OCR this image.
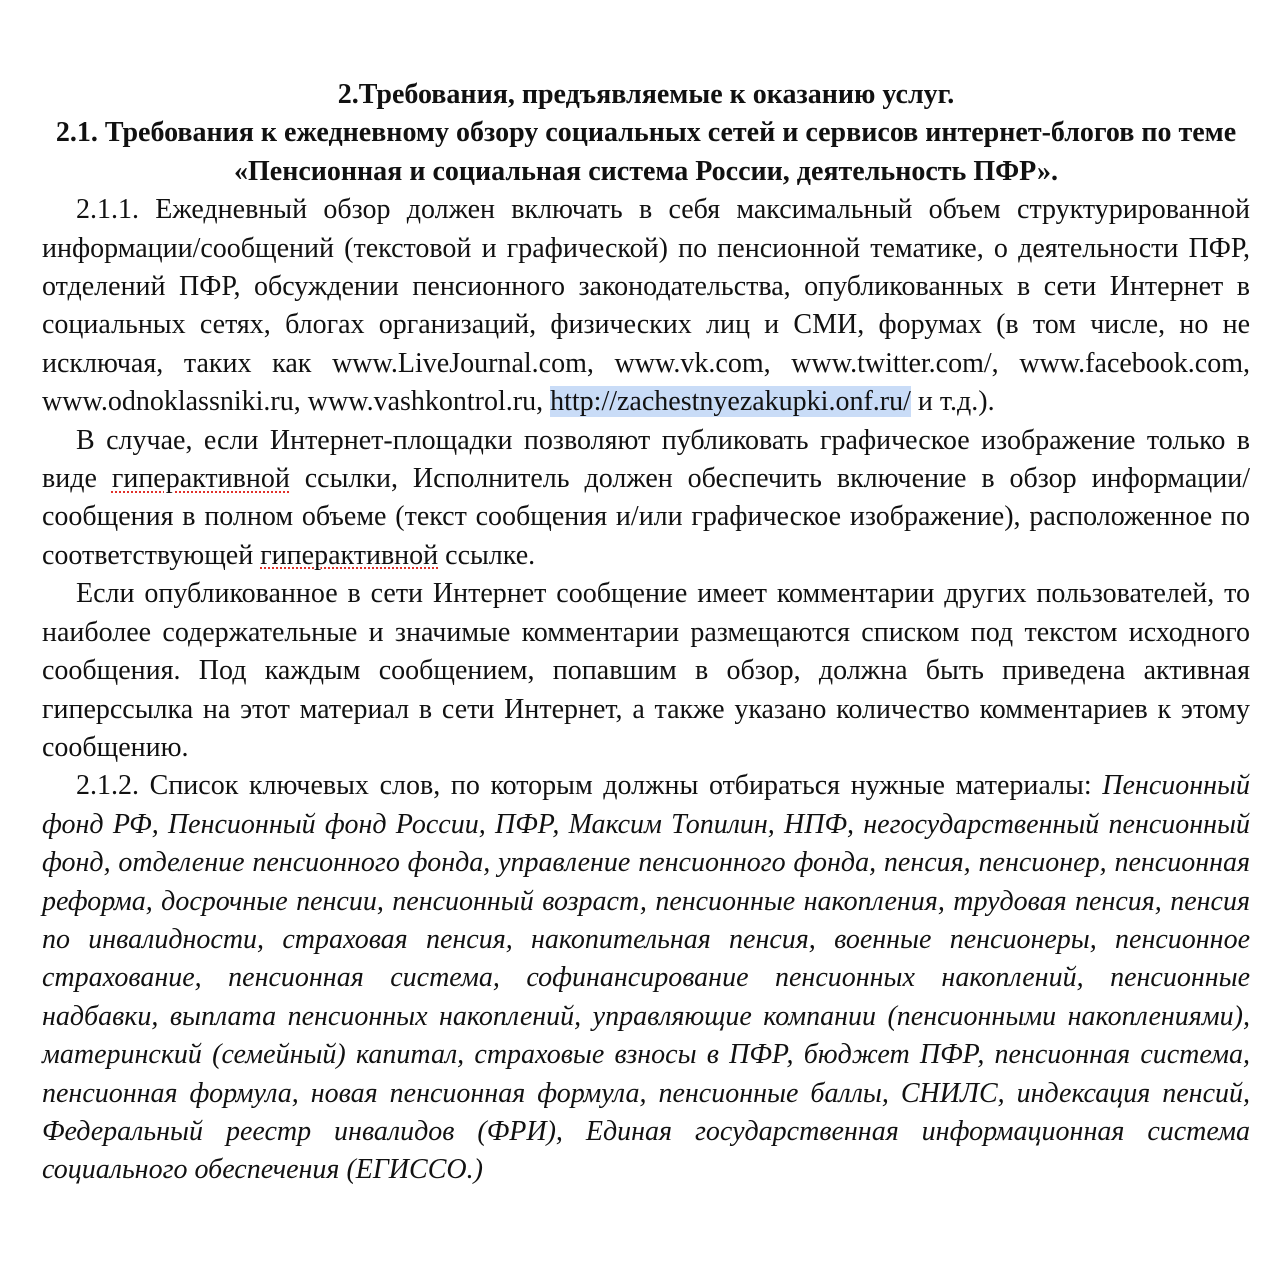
2.Требования, предъявляемые к оказанию услуг.

2.1. Требования к ежедневному обзору социальных сетей и сервисов интернет-блогов по теме «Пенсионная и социальная система России, деятельность ПФР».

2.1.1. Ежедневный обзор должен включать в себя максимальный объем структурированной информации/сообщений (текстовой и графической) по пенсионной тематике, о деятельности ПФР, отделений ПФР, обсуждении пенсионного законодательства, опубликованных в сети Интернет в социальных сетях, блогах организаций, физических лиц и СМИ, форумах (в том числе, но не исключая, таких как www.LiveJournal.com, www.vk.com, www.twitter.com/, www.facebook.com, www.odnoklassniki.ru, www.vashkontrol.ru, http://zachestnyezakupki.onf.ru/ и т.д.).

В случае, если Интернет-площадки позволяют публиковать графическое изображение только в виде гиперактивной ссылки, Исполнитель должен обеспечить включение в обзор информации/сообщения в полном объеме (текст сообщения и/или графическое изображение), расположенное по соответствующей гиперактивной ссылке.

Если опубликованное в сети Интернет сообщение имеет комментарии других пользователей, то наиболее содержательные и значимые комментарии размещаются списком под текстом исходного сообщения. Под каждым сообщением, попавшим в обзор, должна быть приведена активная гиперссылка на этот материал в сети Интернет, а также указано количество комментариев к этому сообщению.

2.1.2. Список ключевых слов, по которым должны отбираться нужные материалы: Пенсионный фонд РФ, Пенсионный фонд России, ПФР, Максим Топилин, НПФ, негосударственный пенсионный фонд, отделение пенсионного фонда, управление пенсионного фонда, пенсия, пенсионер, пенсионная реформа, досрочные пенсии, пенсионный возраст, пенсионные накопления, трудовая пенсия, пенсия по инвалидности, страховая пенсия, накопительная пенсия, военные пенсионеры, пенсионное страхование, пенсионная система, софинансирование пенсионных накоплений, пенсионные надбавки, выплата пенсионных накоплений, управляющие компании (пенсионными накоплениями), материнский (семейный) капитал, страховые взносы в ПФР, бюджет ПФР, пенсионная система, пенсионная формула, новая пенсионная формула, пенсионные баллы, СНИЛС, индексация пенсий, Федеральный реестр инвалидов (ФРИ), Единая государственная информационная система социального обеспечения (ЕГИССО.)
